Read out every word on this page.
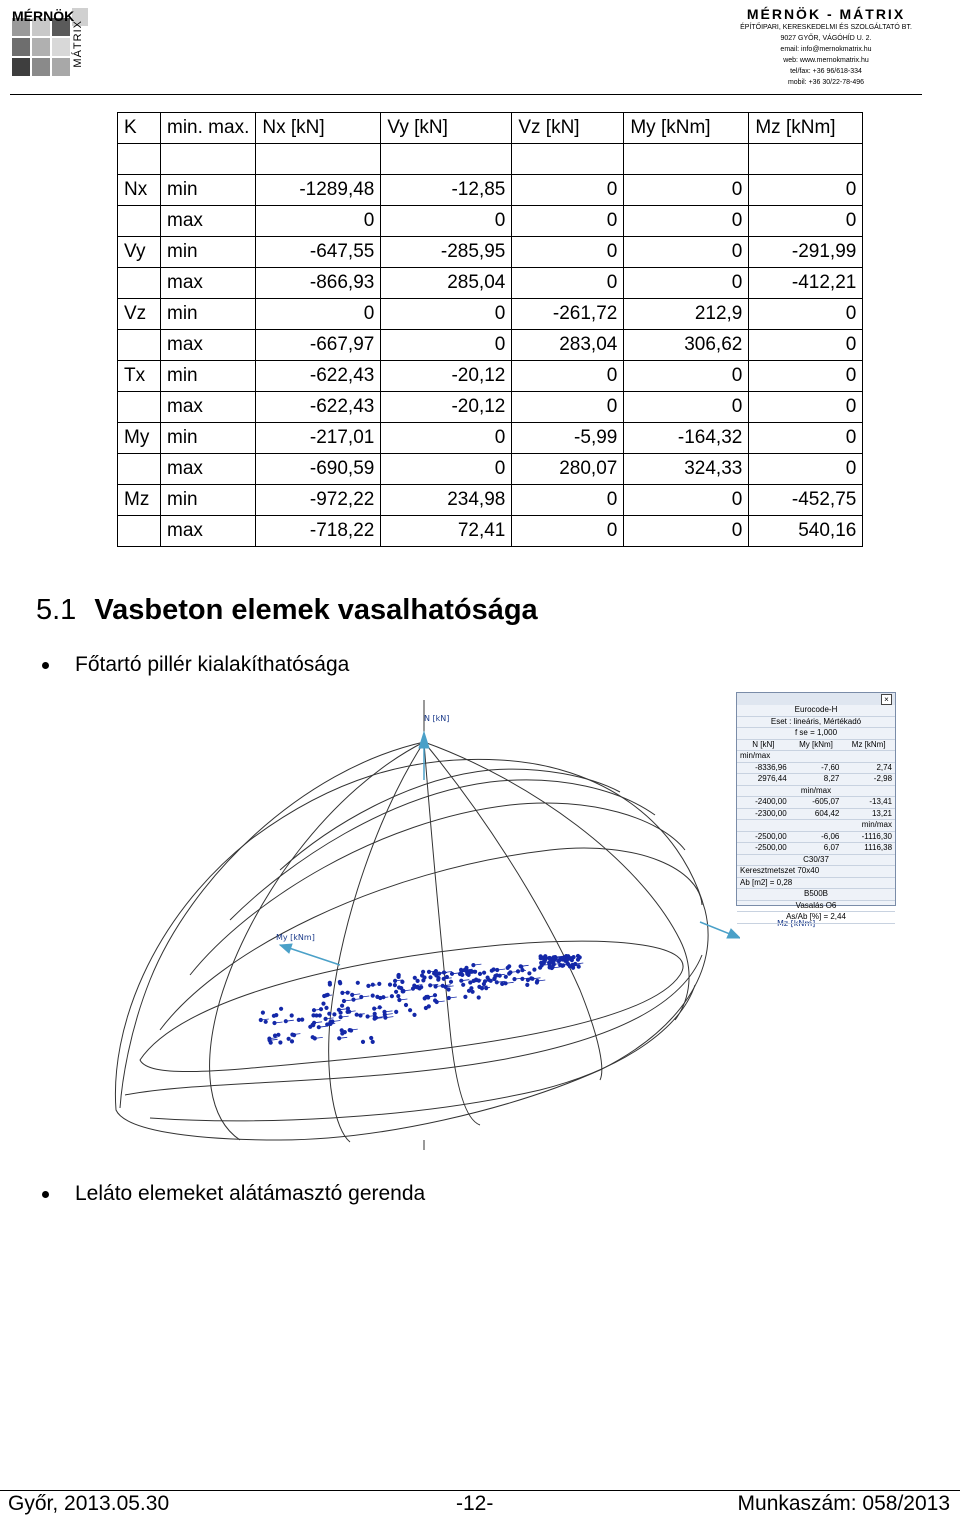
MÉRNÖK
MÁTRIX
MÉRNÖK - MÁTRIX
ÉPÍTŐIPARI, KERESKEDELMI ÉS SZOLGÁLTATÓ BT.
9027 GYŐR, VÁGÓHÍD U. 2.
email: info@mernokmatrix.hu
web: www.mernokmatrix.hu
tel/fax: +36 96/618-334
mobil: +36 30/22-78-496
K	min. max.	Nx [kN]	Vy [kN]	Vz [kN]	My [kNm]	Mz [kNm]

Nx	min	-1289,48	-12,85	0	0	0
	max	0	0	0	0	0
Vy	min	-647,55	-285,95	0	0	-291,99
	max	-866,93	285,04	0	0	-412,21
Vz	min	0	0	-261,72	212,9	0
	max	-667,97	0	283,04	306,62	0
Tx	min	-622,43	-20,12	0	0	0
	max	-622,43	-20,12	0	0	0
My	min	-217,01	0	-5,99	-164,32	0
	max	-690,59	0	280,07	324,33	0
Mz	min	-972,22	234,98	0	0	-452,75
	max	-718,22	72,41	0	0	540,16
5.1 Vasbeton elemek vasalhatósága
Főtartó pillér kialakíthatósága
N [kN]
My [kNm]
Mz [kNm]
×
Eurocode-H
Eset : lineáris, Mértékadó
f se = 1,000
N [kN]	My [kNm]	Mz [kNm]
min/max
-8336,96	-7,60	2,74
2976,44	8,27	-2,98
min/max
-2400,00	-605,07	-13,41
-2300,00	604,42	13,21
min/max
-2500,00	-6,06	-1116,30
-2500,00	6,07	1116,38
C30/37
Keresztmetszet 70x40
Ab [m2] = 0,28
B500B
Vasalás O6
As/Ab [%] = 2,44
Leláto elemeket alátámasztó gerenda
Győr, 2013.05.30	-12-	Munkaszám: 058/2013
